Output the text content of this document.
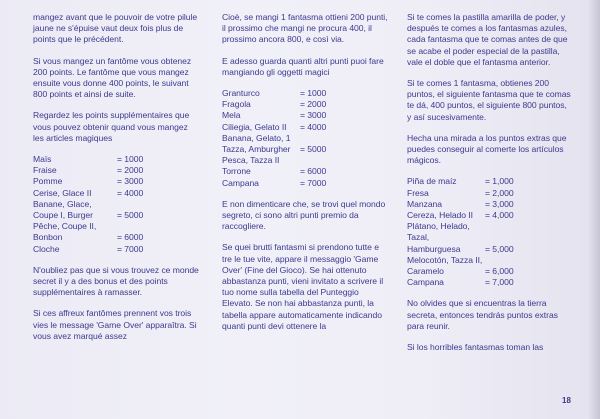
mangez avant que le pouvoir de votre pilule jaune ne s'épuise vaut deux fois plus de points que le précédent.

Si vous mangez un fantôme vous obtenez 200 points. Le fantôme que vous mangez ensuite vous donne 400 points, le suivant 800 points et ainsi de suite.

Regardez les points supplémentaires que vous pouvez obtenir quand vous mangez les articles magiques

Maïs	= 1000
Fraise	= 2000
Pomme	= 3000
Cerise, Glace II	= 4000
Banane, Glace,
Coupe I, Burger	= 5000
Pêche, Coupe II,
Bonbon	= 6000
Cloche	= 7000

N'oubliez pas que si vous trouvez ce monde secret il y a des bonus et des points supplémentaires à ramasser.

Si ces affreux fantômes prennent vos trois vies le message 'Game Over' apparaîtra. Si vous avez marqué assez

Cioè, se mangi 1 fantasma ottieni 200 punti, il prossimo che mangi ne procura 400, il prossimo ancora 800, e così via.

E adesso guarda quanti altri punti puoi fare mangiando gli oggetti magici

Granturco	= 1000
Fragola	= 2000
Mela	= 3000
Ciliegia, Gelato II	= 4000
Banana, Gelato, 1
Tazza, Amburgher	= 5000
Pesca, Tazza II
Torrone	= 6000
Campana	= 7000

E non dimenticare che, se trovi quel mondo segreto, ci sono altri punti premio da raccogliere.

Se quei brutti fantasmi si prendono tutte e tre le tue vite, appare il messaggio 'Game Over' (Fine del Gioco). Se hai ottenuto abbastanza punti, vieni invitato a scrivere il tuo nome sulla tabella del Punteggio Elevato. Se non hai abbastanza punti, la tabella appare automaticamente indicando quanti punti devi ottenere la

Si te comes la pastilla amarilla de poder, y después te comes a los fantasmas azules, cada fantasma que te comas antes de que se acabe el poder especial de la pastilla, vale el doble que el fantasma anterior.

Si te comes 1 fantasma, obtienes 200 puntos, el siguiente fantasma que te comas te dá, 400 puntos, el siguiente 800 puntos, y así sucesivamente.

Hecha una mirada a los puntos extras que puedes conseguir al comerte los artículos mágicos.

Piña de maíz	= 1,000
Fresa	= 2,000
Manzana	= 3,000
Cereza, Helado II	= 4,000
Plátano, Helado, Tazal,
Hamburguesa	= 5,000
Melocotón, Tazza II,
Caramelo	= 6,000
Campana	= 7,000

No olvides que si encuentras la tierra secreta, entonces tendrás puntos extras para reunir.

Si los horribles fantasmas toman las

18
